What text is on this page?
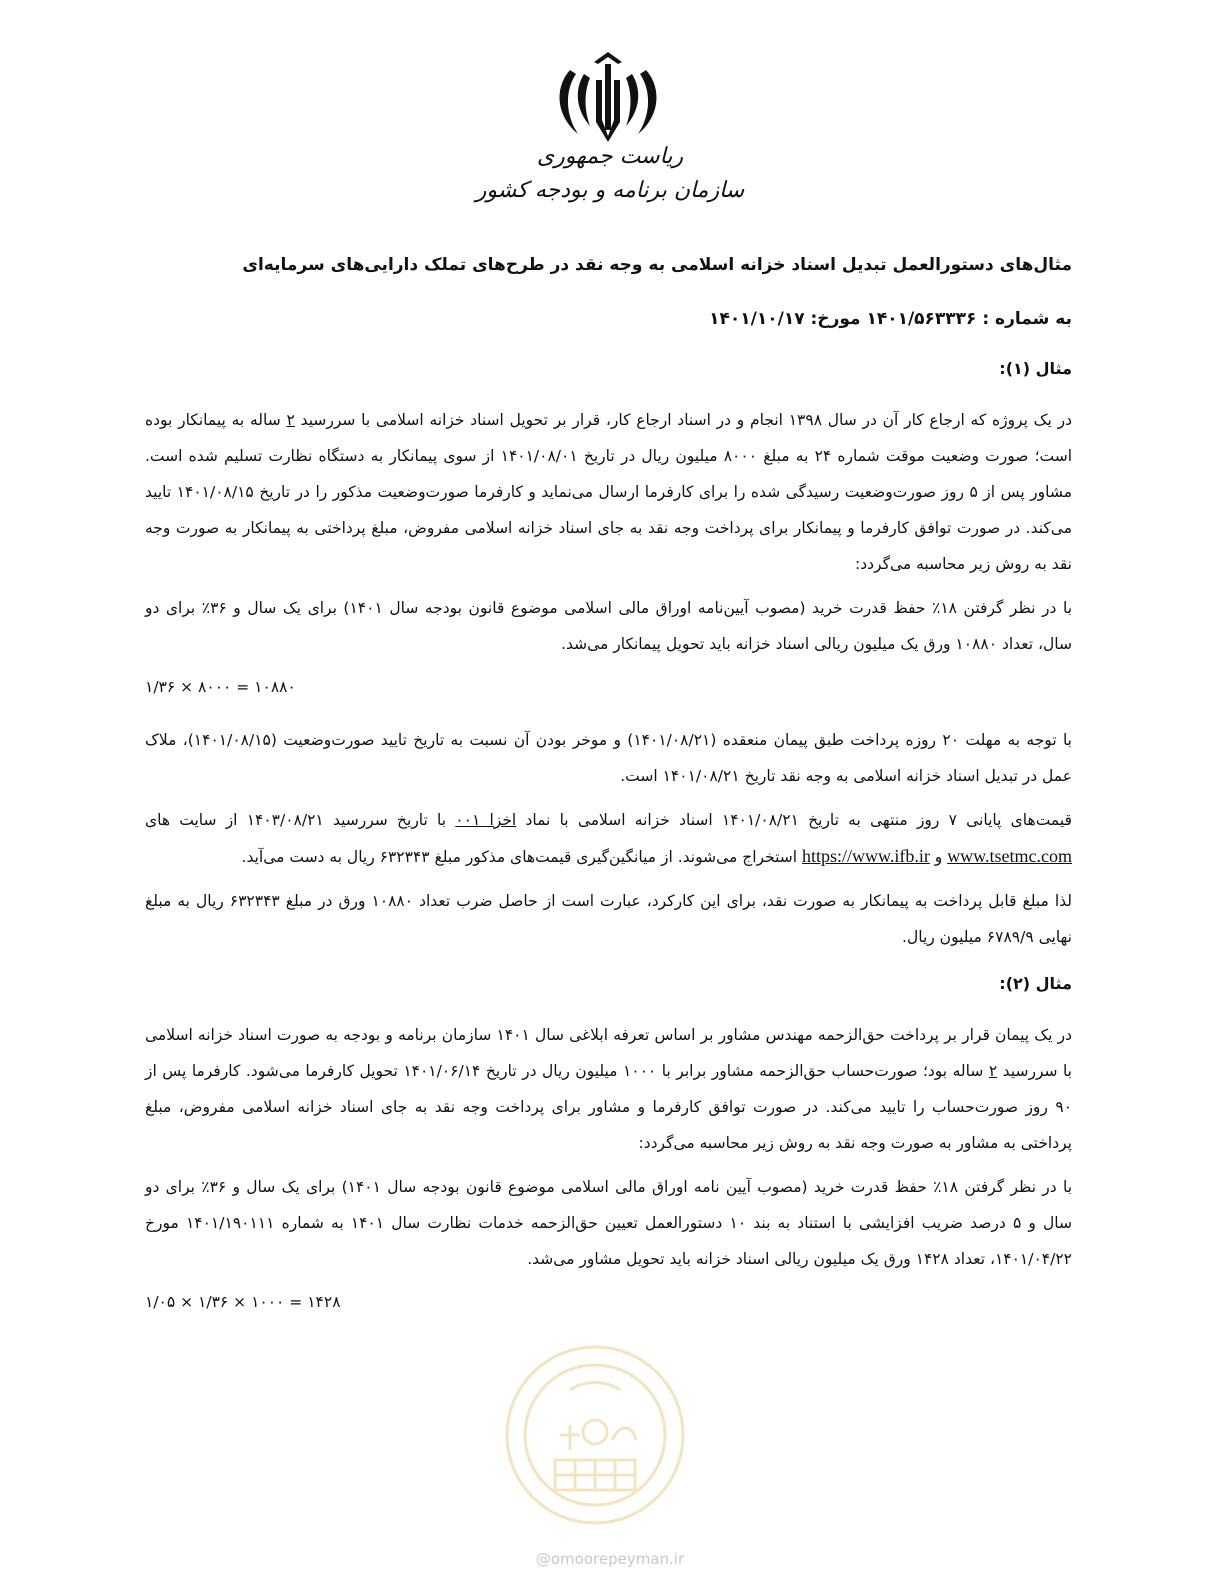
ریاست جمهوری
سازمان برنامه و بودجه کشور
مثال‌های دستورالعمل تبدیل اسناد خزانه اسلامی به وجه نقد در طرح‌های تملک دارایی‌های سرمایه‌ای
به شماره : ۱۴۰۱/۵۶۳۳۳۶ مورخ: ۱۴۰۱/۱۰/۱۷
مثال (۱):

در یک پروژه که ارجاع کار آن در سال ۱۳۹۸ انجام و در اسناد ارجاع کار، قرار بر تحویل اسناد خزانه اسلامی با سررسید ۲ ساله به پیمانکار بوده است؛ صورت وضعیت موقت شماره ۲۴ به مبلغ ۸۰۰۰ میلیون ریال در تاریخ ۱۴۰۱/۰۸/۰۱ از سوی پیمانکار به دستگاه نظارت تسلیم شده است. مشاور پس از ۵ روز صورت‌وضعیت رسیدگی شده را برای کارفرما ارسال می‌نماید و کارفرما صورت‌وضعیت مذکور را در تاریخ ۱۴۰۱/۰۸/۱۵ تایید می‌کند. در صورت توافق کارفرما و پیمانکار برای پرداخت وجه نقد به جای اسناد خزانه اسلامی مفروض، مبلغ پرداختی به پیمانکار به صورت وجه نقد به روش زیر محاسبه می‌گردد:

با در نظر گرفتن ۱۸٪ حفظ قدرت خرید (مصوب آیین‌نامه اوراق مالی اسلامی موضوع قانون بودجه سال ۱۴۰۱) برای یک سال و ۳۶٪ برای دو سال، تعداد ۱۰۸۸۰ ورق یک میلیون ریالی اسناد خزانه باید تحویل پیمانکار می‌شد.

۱/۳۶ × ۸۰۰۰ = ۱۰۸۸۰

با توجه به مهلت ۲۰ روزه پرداخت طبق پیمان منعقده (۱۴۰۱/۰۸/۲۱) و موخر بودن آن نسبت به تاریخ تایید صورت‌وضعیت (۱۴۰۱/۰۸/۱۵)، ملاک عمل در تبدیل اسناد خزانه اسلامی به وجه نقد تاریخ ۱۴۰۱/۰۸/۲۱ است.

قیمت‌های پایانی ۷ روز منتهی به تاریخ ۱۴۰۱/۰۸/۲۱ اسناد خزانه اسلامی با نماد اخزا ۰۰۱ با تاریخ سررسید ۱۴۰۳/۰۸/۲۱ از سایت های www.tsetmc.com و https://www.ifb.ir استخراج می‌شوند. از میانگین‌گیری قیمت‌های مذکور مبلغ ۶۳۲۳۴۳ ریال به دست می‌آید.

لذا مبلغ قابل پرداخت به پیمانکار به صورت نقد، برای این کارکرد، عبارت است از حاصل ضرب تعداد ۱۰۸۸۰ ورق در مبلغ ۶۳۲۳۴۳ ریال به مبلغ نهایی ۶۷۸۹/۹ میلیون ریال.

مثال (۲):

در یک پیمان قرار بر پرداخت حق‌الزحمه مهندس مشاور بر اساس تعرفه ابلاغی سال ۱۴۰۱ سازمان برنامه و بودجه به صورت اسناد خزانه اسلامی با سررسید ۲ ساله بود؛ صورت‌حساب حق‌الزحمه مشاور برابر با ۱۰۰۰ میلیون ریال در تاریخ ۱۴۰۱/۰۶/۱۴ تحویل کارفرما می‌شود. کارفرما پس از ۹۰ روز صورت‌حساب را تایید می‌کند. در صورت توافق کارفرما و مشاور برای پرداخت وجه نقد به جای اسناد خزانه اسلامی مفروض، مبلغ پرداختی به مشاور به صورت وجه نقد به روش زیر محاسبه می‌گردد:

با در نظر گرفتن ۱۸٪ حفظ قدرت خرید (مصوب آیین نامه اوراق مالی اسلامی موضوع قانون بودجه سال ۱۴۰۱) برای یک سال و ۳۶٪ برای دو سال و ۵ درصد ضریب افزایشی با استناد به بند ۱۰ دستورالعمل تعیین حق‌الزحمه خدمات نظارت سال ۱۴۰۱ به شماره ۱۴۰۱/۱۹۰۱۱۱ مورخ ۱۴۰۱/۰۴/۲۲، تعداد ۱۴۲۸ ورق یک میلیون ریالی اسناد خزانه باید تحویل مشاور می‌شد.

۱/۰۵ × ۱/۳۶ × ۱۰۰۰ = ۱۴۲۸
@omoorepeyman.ir
